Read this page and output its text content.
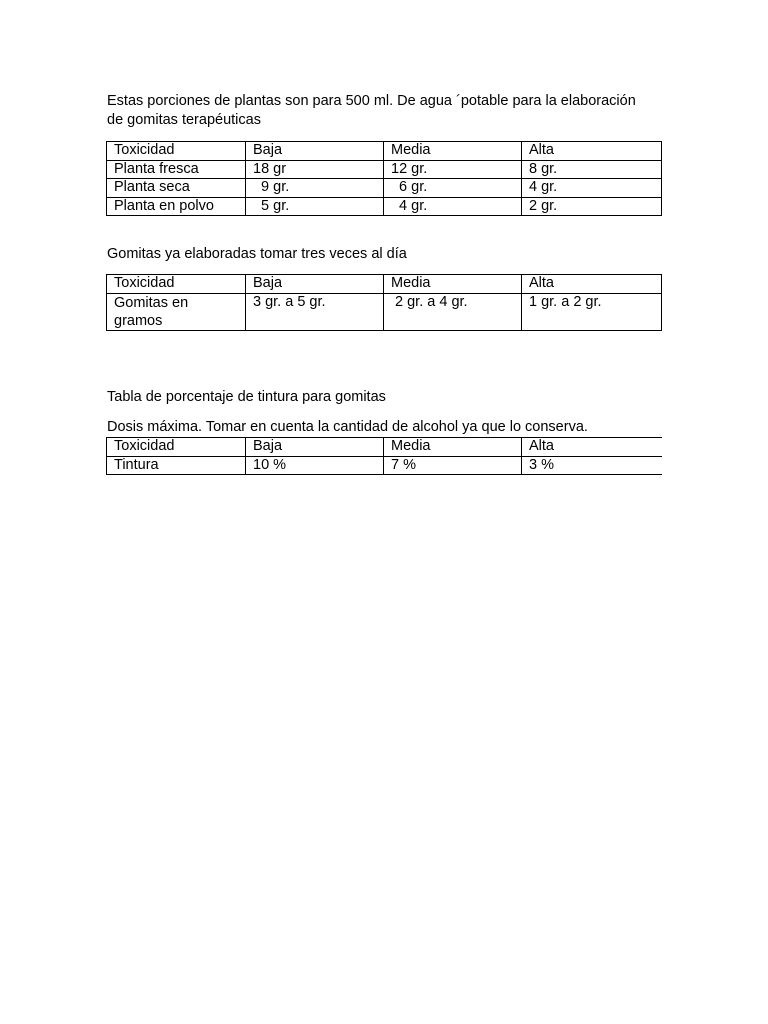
Estas porciones de plantas son para 500 ml. De agua ´potable para la elaboración
de gomitas terapéuticas

Toxicidad	Baja	Media	Alta
Planta fresca	18 gr	12 gr.	8 gr.
Planta seca	9 gr.	6 gr.	4 gr.
Planta en polvo	5 gr.	4 gr.	2 gr.

Gomitas ya elaboradas tomar tres veces al día

Toxicidad	Baja	Media	Alta
Gomitas en gramos	3 gr. a 5 gr.	2 gr. a 4 gr.	1 gr. a 2 gr.

Tabla de porcentaje de tintura para gomitas

Dosis máxima. Tomar en cuenta la cantidad de alcohol ya que lo conserva.

Toxicidad	Baja	Media	Alta
Tintura	10 %	7 %	3 %
